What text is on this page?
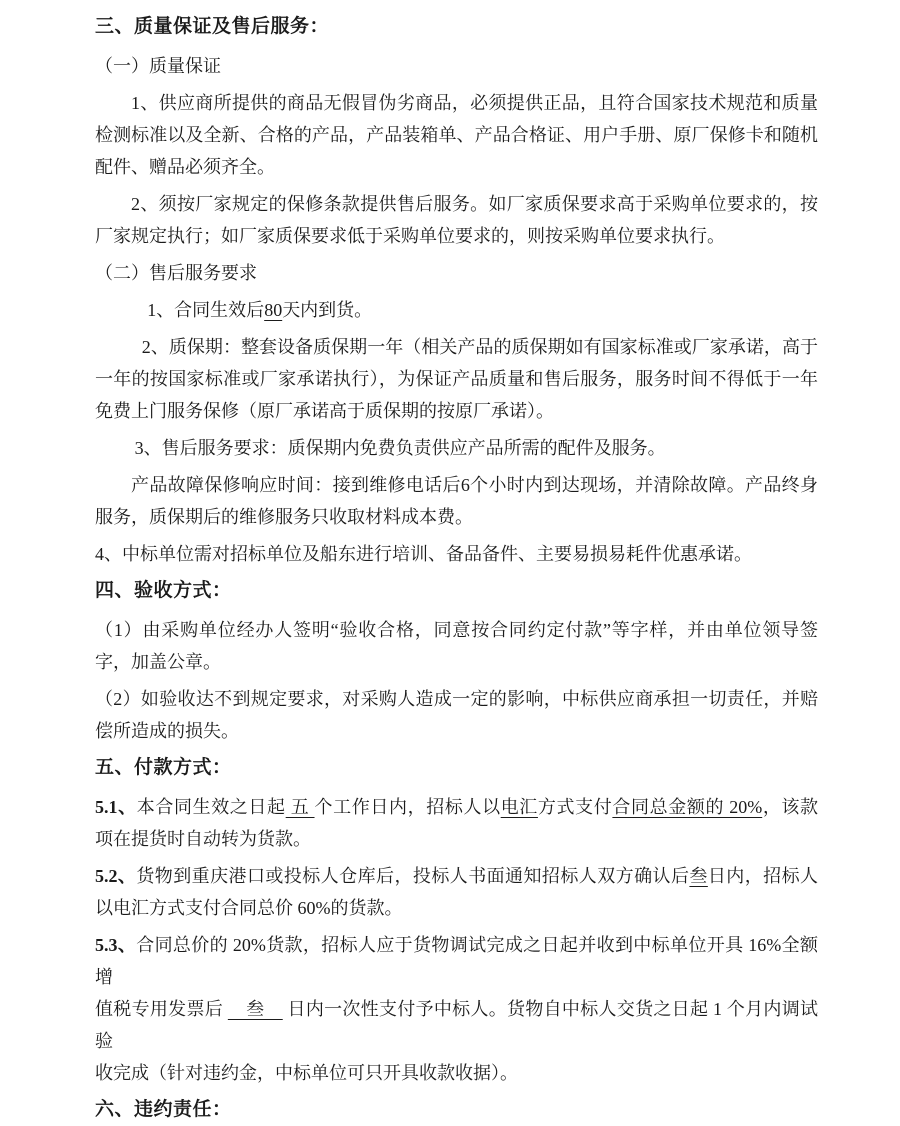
三、质量保证及售后服务：
（一）质量保证
1、供应商所提供的商品无假冒伪劣商品，必须提供正品，且符合国家技术规范和质量
检测标准以及全新、合格的产品，产品装箱单、产品合格证、用户手册、原厂保修卡和随机
配件、赠品必须齐全。
2、须按厂家规定的保修条款提供售后服务。如厂家质保要求高于采购单位要求的，按
厂家规定执行；如厂家质保要求低于采购单位要求的，则按采购单位要求执行。
（二）售后服务要求
1、合同生效后80天内到货。
2、质保期：整套设备质保期一年（相关产品的质保期如有国家标准或厂家承诺，高于
一年的按国家标准或厂家承诺执行），为保证产品质量和售后服务，服务时间不得低于一年
免费上门服务保修（原厂承诺高于质保期的按原厂承诺）。
3、售后服务要求：质保期内免费负责供应产品所需的配件及服务。
产品故障保修响应时间：接到维修电话后6个小时内到达现场，并清除故障。产品终身
服务，质保期后的维修服务只收取材料成本费。
4、中标单位需对招标单位及船东进行培训、备品备件、主要易损易耗件优惠承诺。
四、验收方式：
（1）由采购单位经办人签明“验收合格，同意按合同约定付款”等字样，并由单位领导签
字，加盖公章。
（2）如验收达不到规定要求，对采购人造成一定的影响，中标供应商承担一切责任，并赔
偿所造成的损失。
五、付款方式：
5.1、本合同生效之日起 五 个工作日内，招标人以电汇方式支付合同总金额的 20%，该款
项在提货时自动转为货款。
5.2、货物到重庆港口或投标人仓库后，投标人书面通知招标人双方确认后叁日内，招标人
以电汇方式支付合同总价 60%的货款。
5.3、合同总价的 20%货款，招标人应于货物调试完成之日起并收到中标单位开具 16%全额增
值税专用发票后 　叁　 日内一次性支付予中标人。货物自中标人交货之日起 1 个月内调试验
收完成（针对违约金，中标单位可只开具收款收据）。
六、违约责任：
